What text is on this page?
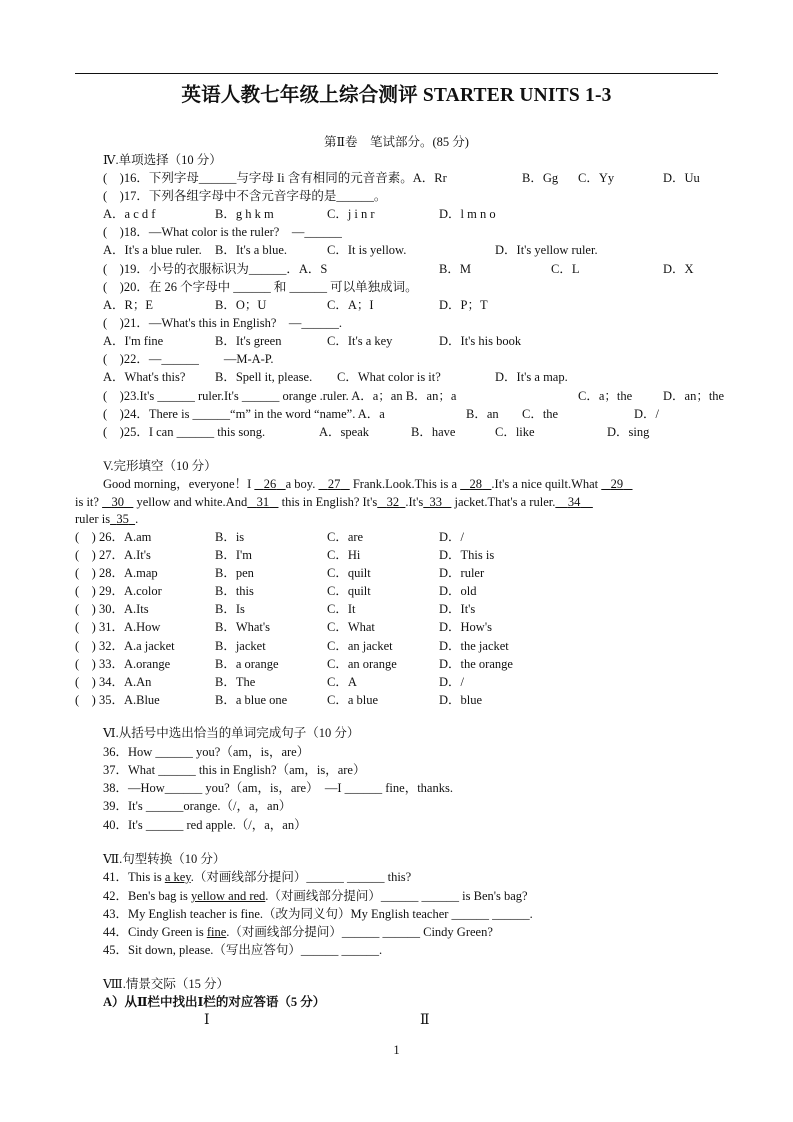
英语人教七年级上综合测评 STARTER UNITS 1-3
第Ⅱ卷　笔试部分。(85 分)
Ⅳ.单项选择（10 分）
(　)16．下列字母______与字母 Ii 含有相同的元音音素。A．Rr	B．Gg C．Yy	D．Uu
(　)17．下列各组字母中不含元音字母的是______。
A．a c d f	B．g h k m	C．j i n r	D．l m n o
(　)18．—What color is the ruler?　—______
A．It's a blue ruler. B．It's a blue.	C．It is yellow.	D．It's yellow ruler.
(　)19．小号的衣服标识为______．A．S	B．M	C．L	D．X
(　)20．在 26 个字母中 ______ 和 ______ 可以单独成词。
A．R；E	B．O；U	C．A；I	D．P；T
(　)21．—What's this in English?　—______.
A．I'm fine	B．It's green	C．It's a key	D．It's his book
(　)22．—______　　—M-A-P.
A．What's this? B．Spell it, please. C．What color is it?	D．It's a map.
(　)23.It's ______ ruler.It's ______ orange .ruler. A．a；an B．an；a	C．a；the D．an；the
(　)24．There is ______“m” in the word “name”. A．a	B．an C．the	D．/
(　)25．I can ______ this song.	A．speak	B．have	C．like	D．sing
V.完形填空（10 分）
Good morning，everyone！I 26 a boy. 27 Frank.Look.This is a 28 .It's a nice quilt.What 29
is it? 30 yellow and white.And 31 this in English? It's 32 .It's 33 jacket.That's a ruler. 34
ruler is 35 .
(　) 26．A.am	B．is	C．are	D．/
(　) 27．A.It's	B．I'm	C．Hi	D．This is
(　) 28．A.map	B．pen	C．quilt	D．ruler
(　) 29．A.color	B．this	C．quilt	D．old
(　) 30．A.Its	B．Is	C．It	D．It's
(　) 31．A.How	B．What's	C．What	D．How's
(　) 32．A.a jacket	B．jacket	C．an jacket	D．the jacket
(　) 33．A.orange	B．a orange	C．an orange	D．the orange
(　) 34．A.An	B．The	C．A	D．/
(　) 35．A.Blue	B．a blue one	C．a blue	D．blue
Ⅵ.从括号中选出恰当的单词完成句子（10 分）
36．How ______ you?（am，is，are）
37．What ______ this in English?（am，is，are）
38．—How______ you?（am，is，are）　—I ______ fine，thanks.
39．It's ______orange.（/，a，an）
40．It's ______ red apple.（/，a，an）
Ⅶ.句型转换（10 分）
41．This is a key.（对画线部分提问）______ ______ this?
42．Ben's bag is yellow and red.（对画线部分提问）______ ______ is Ben's bag?
43．My English teacher is fine.（改为同义句）My English teacher ______ ______.
44．Cindy Green is fine.（对画线部分提问）______ ______ Cindy Green?
45．Sit down, please.（写出应答句）______ ______.
Ⅷ.情景交际（15 分）
A）从Ⅱ栏中找出Ⅰ栏的对应答语（5 分）
Ⅰ	Ⅱ
1
